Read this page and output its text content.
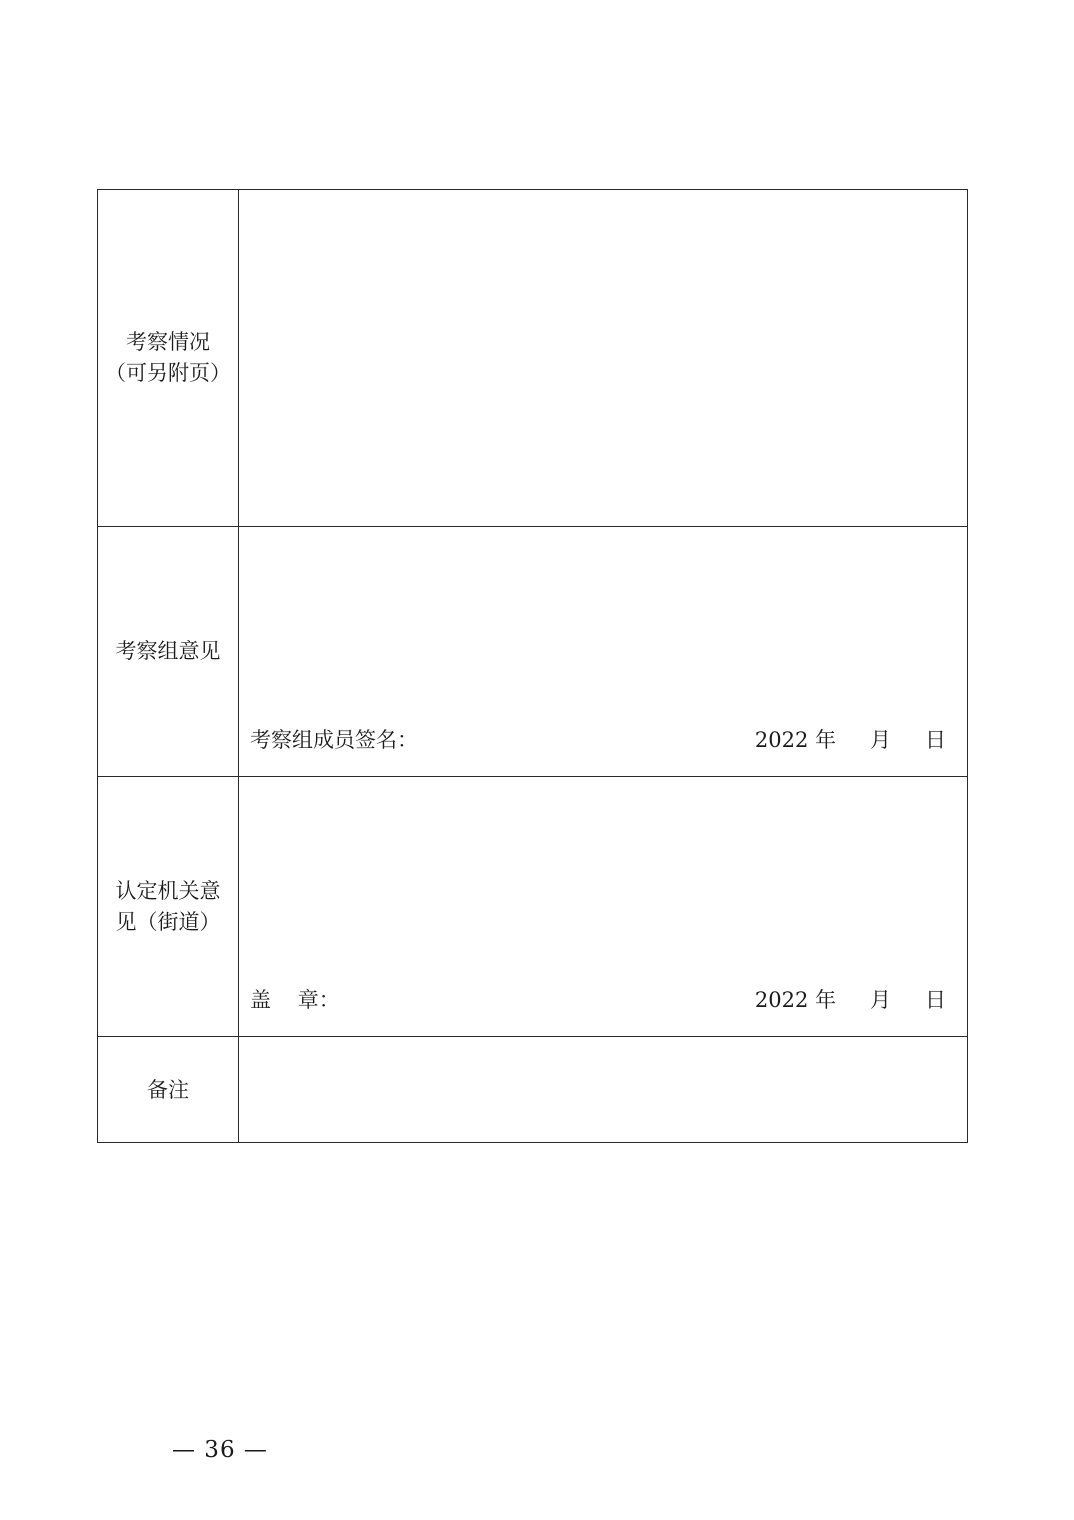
考察情况
（可另附页）
考察组意见
考察组成员签名：	2022 年 月 日
认定机关意
见（街道）
盖    章：	2022 年 月 日
备注
— 36 —
